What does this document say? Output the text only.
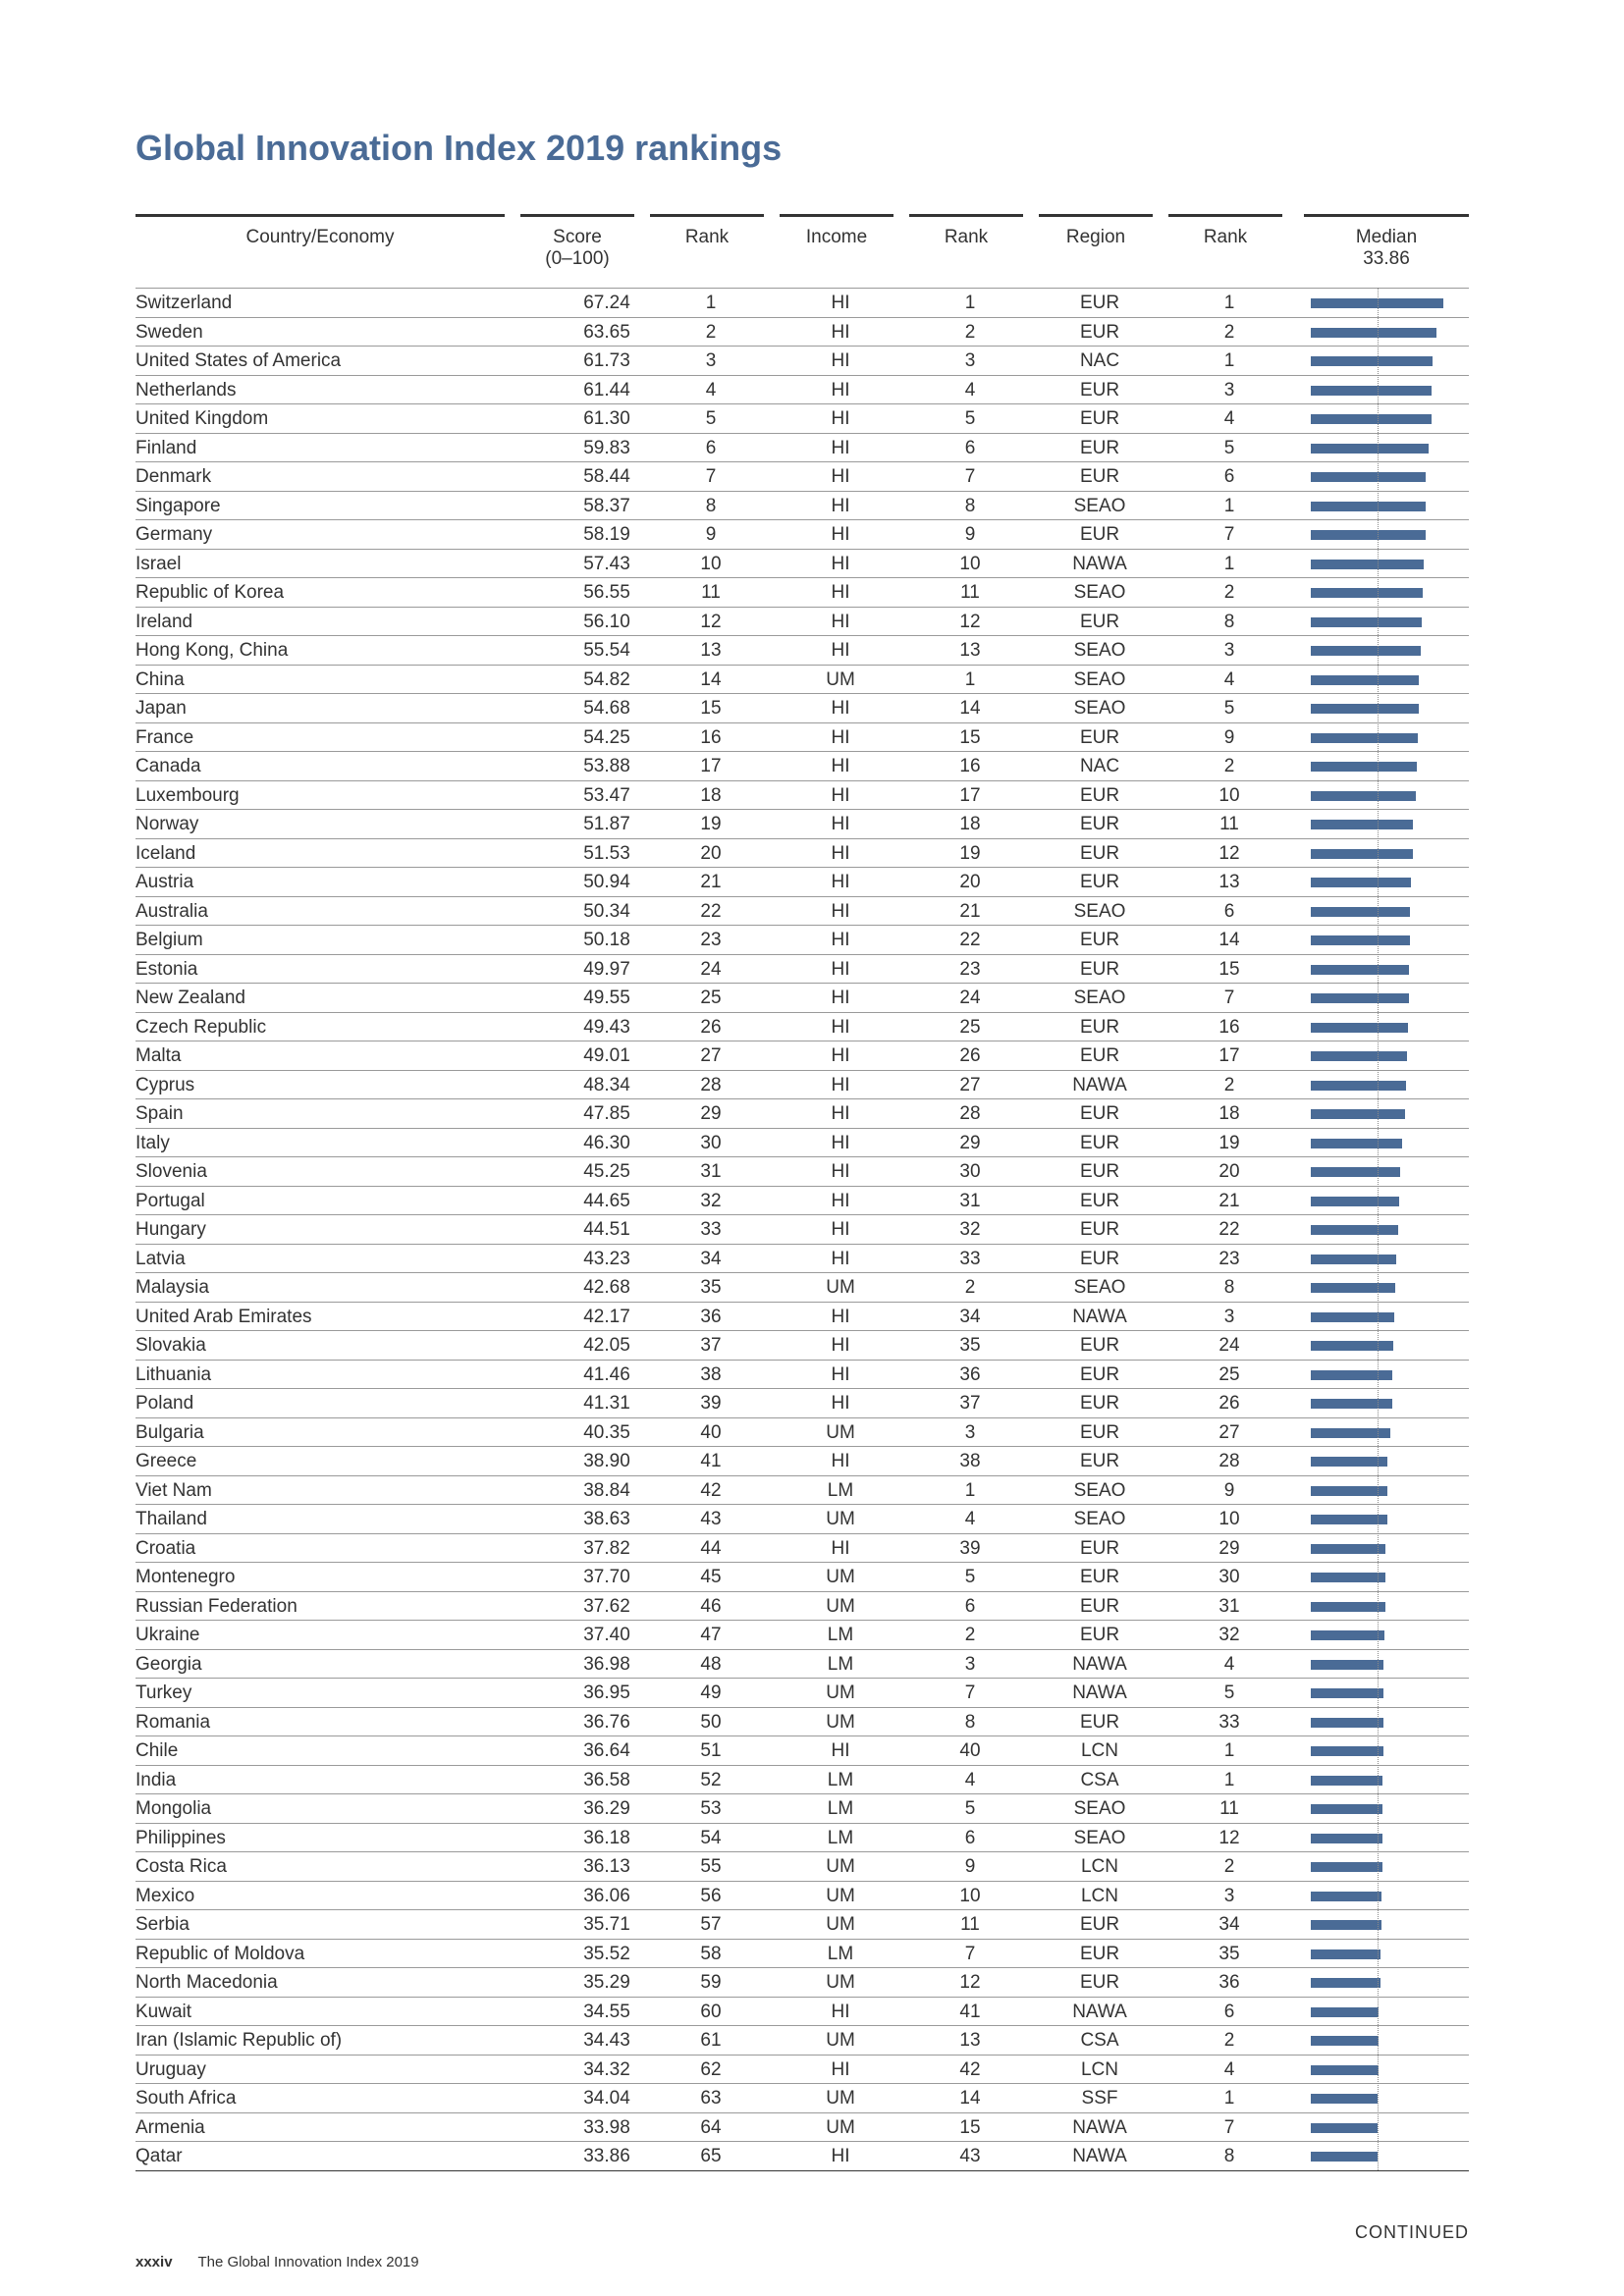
Global Innovation Index 2019 rankings
Country/Economy	Score
(0–100)
Rank	Income	Rank	Region	Rank	Median
33.86
Switzerland	67.24	1	HI	1	EUR	1
Sweden	63.65	2	HI	2	EUR	2
United States of America	61.73	3	HI	3	NAC	1
Netherlands	61.44	4	HI	4	EUR	3
United Kingdom	61.30	5	HI	5	EUR	4
Finland	59.83	6	HI	6	EUR	5
Denmark	58.44	7	HI	7	EUR	6
Singapore	58.37	8	HI	8	SEAO	1
Germany	58.19	9	HI	9	EUR	7
Israel	57.43	10	HI	10	NAWA	1
Republic of Korea	56.55	11	HI	11	SEAO	2
Ireland	56.10	12	HI	12	EUR	8
Hong Kong, China	55.54	13	HI	13	SEAO	3
China	54.82	14	UM	1	SEAO	4
Japan	54.68	15	HI	14	SEAO	5
France	54.25	16	HI	15	EUR	9
Canada	53.88	17	HI	16	NAC	2
Luxembourg	53.47	18	HI	17	EUR	10
Norway	51.87	19	HI	18	EUR	11
Iceland	51.53	20	HI	19	EUR	12
Austria	50.94	21	HI	20	EUR	13
Australia	50.34	22	HI	21	SEAO	6
Belgium	50.18	23	HI	22	EUR	14
Estonia	49.97	24	HI	23	EUR	15
New Zealand	49.55	25	HI	24	SEAO	7
Czech Republic	49.43	26	HI	25	EUR	16
Malta	49.01	27	HI	26	EUR	17
Cyprus	48.34	28	HI	27	NAWA	2
Spain	47.85	29	HI	28	EUR	18
Italy	46.30	30	HI	29	EUR	19
Slovenia	45.25	31	HI	30	EUR	20
Portugal	44.65	32	HI	31	EUR	21
Hungary	44.51	33	HI	32	EUR	22
Latvia	43.23	34	HI	33	EUR	23
Malaysia	42.68	35	UM	2	SEAO	8
United Arab Emirates	42.17	36	HI	34	NAWA	3
Slovakia	42.05	37	HI	35	EUR	24
Lithuania	41.46	38	HI	36	EUR	25
Poland	41.31	39	HI	37	EUR	26
Bulgaria	40.35	40	UM	3	EUR	27
Greece	38.90	41	HI	38	EUR	28
Viet Nam	38.84	42	LM	1	SEAO	9
Thailand	38.63	43	UM	4	SEAO	10
Croatia	37.82	44	HI	39	EUR	29
Montenegro	37.70	45	UM	5	EUR	30
Russian Federation	37.62	46	UM	6	EUR	31
Ukraine	37.40	47	LM	2	EUR	32
Georgia	36.98	48	LM	3	NAWA	4
Turkey	36.95	49	UM	7	NAWA	5
Romania	36.76	50	UM	8	EUR	33
Chile	36.64	51	HI	40	LCN	1
India	36.58	52	LM	4	CSA	1
Mongolia	36.29	53	LM	5	SEAO	11
Philippines	36.18	54	LM	6	SEAO	12
Costa Rica	36.13	55	UM	9	LCN	2
Mexico	36.06	56	UM	10	LCN	3
Serbia	35.71	57	UM	11	EUR	34
Republic of Moldova	35.52	58	LM	7	EUR	35
North Macedonia	35.29	59	UM	12	EUR	36
Kuwait	34.55	60	HI	41	NAWA	6
Iran (Islamic Republic of)	34.43	61	UM	13	CSA	2
Uruguay	34.32	62	HI	42	LCN	4
South Africa	34.04	63	UM	14	SSF	1
Armenia	33.98	64	UM	15	NAWA	7
Qatar	33.86	65	HI	43	NAWA	8
CONTINUED
xxxiv The Global Innovation Index 2019
